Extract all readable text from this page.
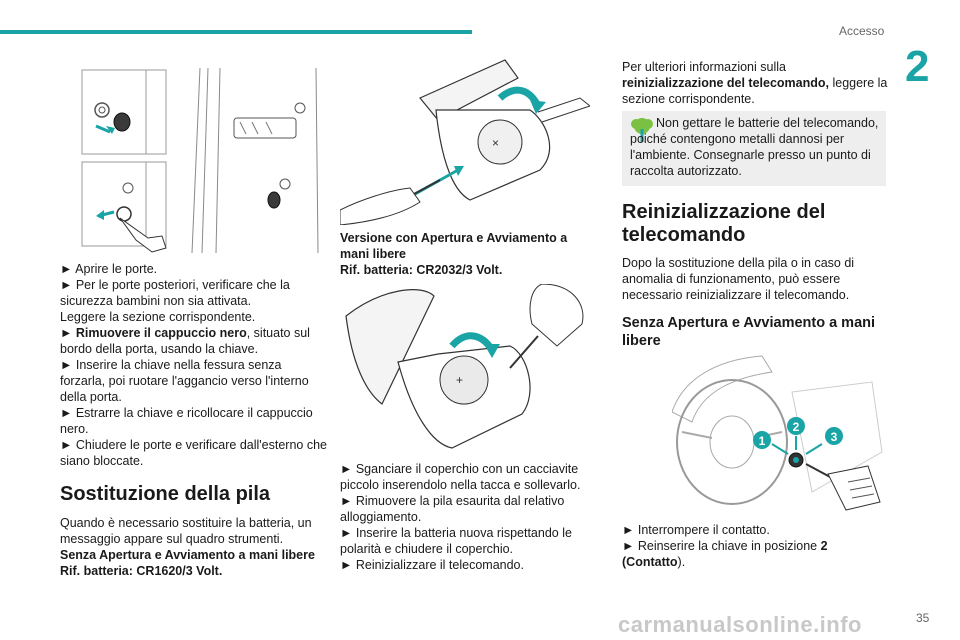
Accesso
2

► Aprire le porte.

► Per le porte posteriori, verificare che la sicurezza bambini non sia attivata.

Leggere la sezione corrispondente.

► Rimuovere il cappuccio nero, situato sul bordo della porta, usando la chiave.

► Inserire la chiave nella fessura senza forzarla, poi ruotare l'aggancio verso l'interno della porta.

► Estrarre la chiave e ricollocare il cappuccio nero.

► Chiudere le porte e verificare dall'esterno che siano bloccate.

Sostituzione della pila

Quando è necessario sostituire la batteria, un messaggio appare sul quadro strumenti.

Senza Apertura e Avviamento a mani libere

Rif. batteria: CR1620/3 Volt.

×

Versione con Apertura e Avviamento a mani libere

Rif. batteria: CR2032/3 Volt.

+

► Sganciare il coperchio con un cacciavite piccolo inserendolo nella tacca e sollevarlo.

► Rimuovere la pila esaurita dal relativo alloggiamento.

► Inserire la batteria nuova rispettando le polarità e chiudere il coperchio.

► Reinizializzare il telecomando.

Per ulteriori informazioni sulla reinizializzazione del telecomando, leggere la sezione corrispondente.

Non gettare le batterie del telecomando, poiché contengono metalli dannosi per l'ambiente. Consegnarle presso un punto di raccolta autorizzato.

Reinizializzazione del telecomando

Dopo la sostituzione della pila o in caso di anomalia di funzionamento, può essere necessario reinizializzare il telecomando.

Senza Apertura e Avviamento a mani libere

1
2
3

► Interrompere il contatto.

► Reinserire la chiave in posizione 2
(Contatto).

carmanualsonline.info	35
